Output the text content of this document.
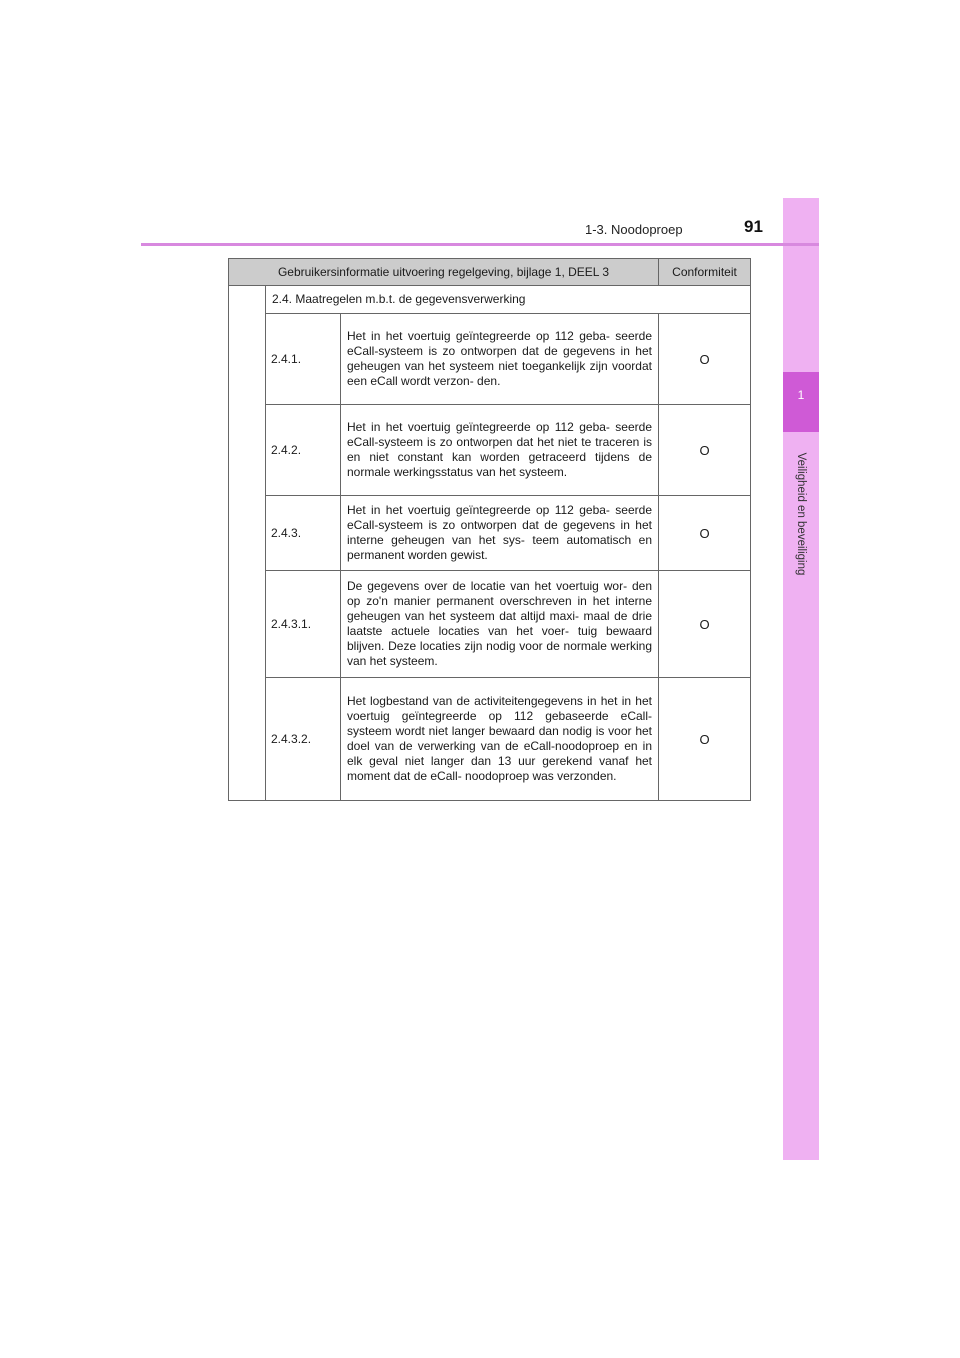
1
Veiligheid en beveiliging
1-3. Noodoproep	91
Gebruikersinformatie uitvoering regelgeving, bijlage 1, DEEL 3			Conformiteit
	2.4. Maatregelen m.b.t. de gegevensverwerking		
	2.4.1.	Het in het voertuig geïntegreerde op 112 geba- seerde eCall-systeem is zo ontworpen dat de gegevens in het geheugen van het systeem niet toegankelijk zijn voordat een eCall wordt verzon- den.	O
	2.4.2.	Het in het voertuig geïntegreerde op 112 geba- seerde eCall-systeem is zo ontworpen dat het niet te traceren is en niet constant kan worden getraceerd tijdens de normale werkingsstatus van het systeem.	O
	2.4.3.	Het in het voertuig geïntegreerde op 112 geba- seerde eCall-systeem is zo ontworpen dat de gegevens in het interne geheugen van het sys- teem automatisch en permanent worden gewist.	O
	2.4.3.1.	De gegevens over de locatie van het voertuig wor- den op zo'n manier permanent overschreven in het interne geheugen van het systeem dat altijd maxi- maal de drie laatste actuele locaties van het voer- tuig bewaard blijven. Deze locaties zijn nodig voor de normale werking van het systeem.	O
	2.4.3.2.	Het logbestand van de activiteitengegevens in het in het voertuig geïntegreerde op 112 gebaseerde eCall-systeem wordt niet langer bewaard dan nodig is voor het doel van de verwerking van de eCall-noodoproep en in elk geval niet langer dan 13 uur gerekend vanaf het moment dat de eCall- noodoproep was verzonden.	O
